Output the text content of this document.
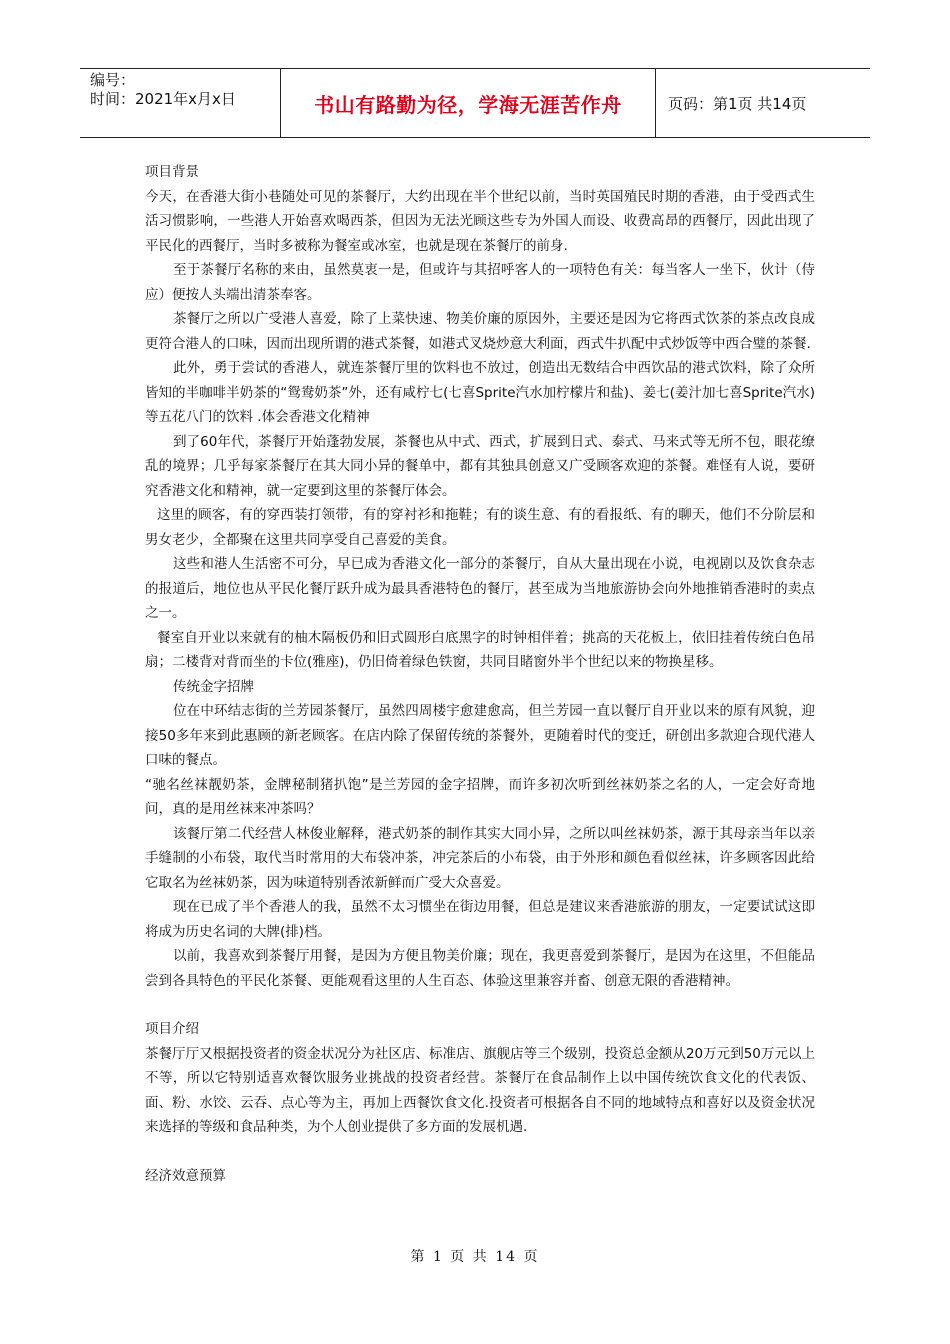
编号：
时间：2021年x月x日	书山有路勤为径，学海无涯苦作舟	页码：第1页 共14页

项目背景

今天，在香港大街小巷随处可见的茶餐厅，大约出现在半个世纪以前，当时英国殖民时期的香港，由于受西式生活习惯影响，一些港人开始喜欢喝西茶，但因为无法光顾这些专为外国人而设、收费高昂的西餐厅，因此出现了平民化的西餐厅，当时多被称为餐室或冰室，也就是现在茶餐厅的前身.

至于茶餐厅名称的来由，虽然莫衷一是，但或许与其招呼客人的一项特色有关：每当客人一坐下，伙计（侍应）便按人头端出清茶奉客。

茶餐厅之所以广受港人喜爱，除了上菜快速、物美价廉的原因外，主要还是因为它将西式饮茶的茶点改良成更符合港人的口味，因而出现所谓的港式茶餐，如港式叉烧炒意大利面，西式牛扒配中式炒饭等中西合璧的茶餐.

此外，勇于尝试的香港人，就连茶餐厅里的饮料也不放过，创造出无数结合中西饮品的港式饮料，除了众所皆知的半咖啡半奶茶的“鸳鸯奶茶”外，还有咸柠七(七喜Sprite汽水加柠檬片和盐)、姜七(姜汁加七喜Sprite汽水)等五花八门的饮料 .体会香港文化精神

到了60年代，茶餐厅开始蓬勃发展，茶餐也从中式、西式，扩展到日式、泰式、马来式等无所不包，眼花缭乱的境界；几乎每家茶餐厅在其大同小异的餐单中，都有其独具创意又广受顾客欢迎的茶餐。难怪有人说，要研究香港文化和精神，就一定要到这里的茶餐厅体会。

这里的顾客，有的穿西装打领带，有的穿衬衫和拖鞋；有的谈生意、有的看报纸、有的聊天，他们不分阶层和男女老少，全都聚在这里共同享受自己喜爱的美食。

这些和港人生活密不可分，早已成为香港文化一部分的茶餐厅，自从大量出现在小说，电视剧以及饮食杂志的报道后，地位也从平民化餐厅跃升成为最具香港特色的餐厅，甚至成为当地旅游协会向外地推销香港时的卖点之一。

餐室自开业以来就有的柚木隔板仍和旧式圆形白底黑字的时钟相伴着；挑高的天花板上，依旧挂着传统白色吊扇；二楼背对背而坐的卡位(雅座)，仍旧倚着绿色铁窗，共同目睹窗外半个世纪以来的物换星移。

传统金字招牌

位在中环结志街的兰芳园茶餐厅，虽然四周楼宇愈建愈高，但兰芳园一直以餐厅自开业以来的原有风貌，迎接50多年来到此惠顾的新老顾客。在店内除了保留传统的茶餐外，更随着时代的变迁，研创出多款迎合现代港人口味的餐点。

“驰名丝袜靓奶茶，金牌秘制猪扒饱”是兰芳园的金字招牌，而许多初次听到丝袜奶茶之名的人，一定会好奇地问，真的是用丝袜来冲茶吗？

该餐厅第二代经营人林俊业解释，港式奶茶的制作其实大同小异，之所以叫丝袜奶茶，源于其母亲当年以亲手缝制的小布袋，取代当时常用的大布袋冲茶，冲完茶后的小布袋，由于外形和颜色看似丝袜，许多顾客因此给它取名为丝袜奶茶，因为味道特别香浓新鲜而广受大众喜爱。

现在已成了半个香港人的我，虽然不太习惯坐在街边用餐，但总是建议来香港旅游的朋友，一定要试试这即将成为历史名词的大牌(排)档。

以前，我喜欢到茶餐厅用餐，是因为方便且物美价廉；现在，我更喜爱到茶餐厅，是因为在这里，不但能品尝到各具特色的平民化茶餐、更能观看这里的人生百态、体验这里兼容并畜、创意无限的香港精神。

项目介绍

茶餐厅厅又根据投资者的资金状况分为社区店、标准店、旗舰店等三个级别，投资总金额从20万元到50万元以上不等，所以它特别适喜欢餐饮服务业挑战的投资者经营。茶餐厅在食品制作上以中国传统饮食文化的代表饭、面、粉、水饺、云吞、点心等为主，再加上西餐饮食文化.投资者可根据各自不同的地域特点和喜好以及资金状况来选择的等级和食品种类，为个人创业提供了多方面的发展机遇.

经济效意预算

第 1 页 共 14 页
